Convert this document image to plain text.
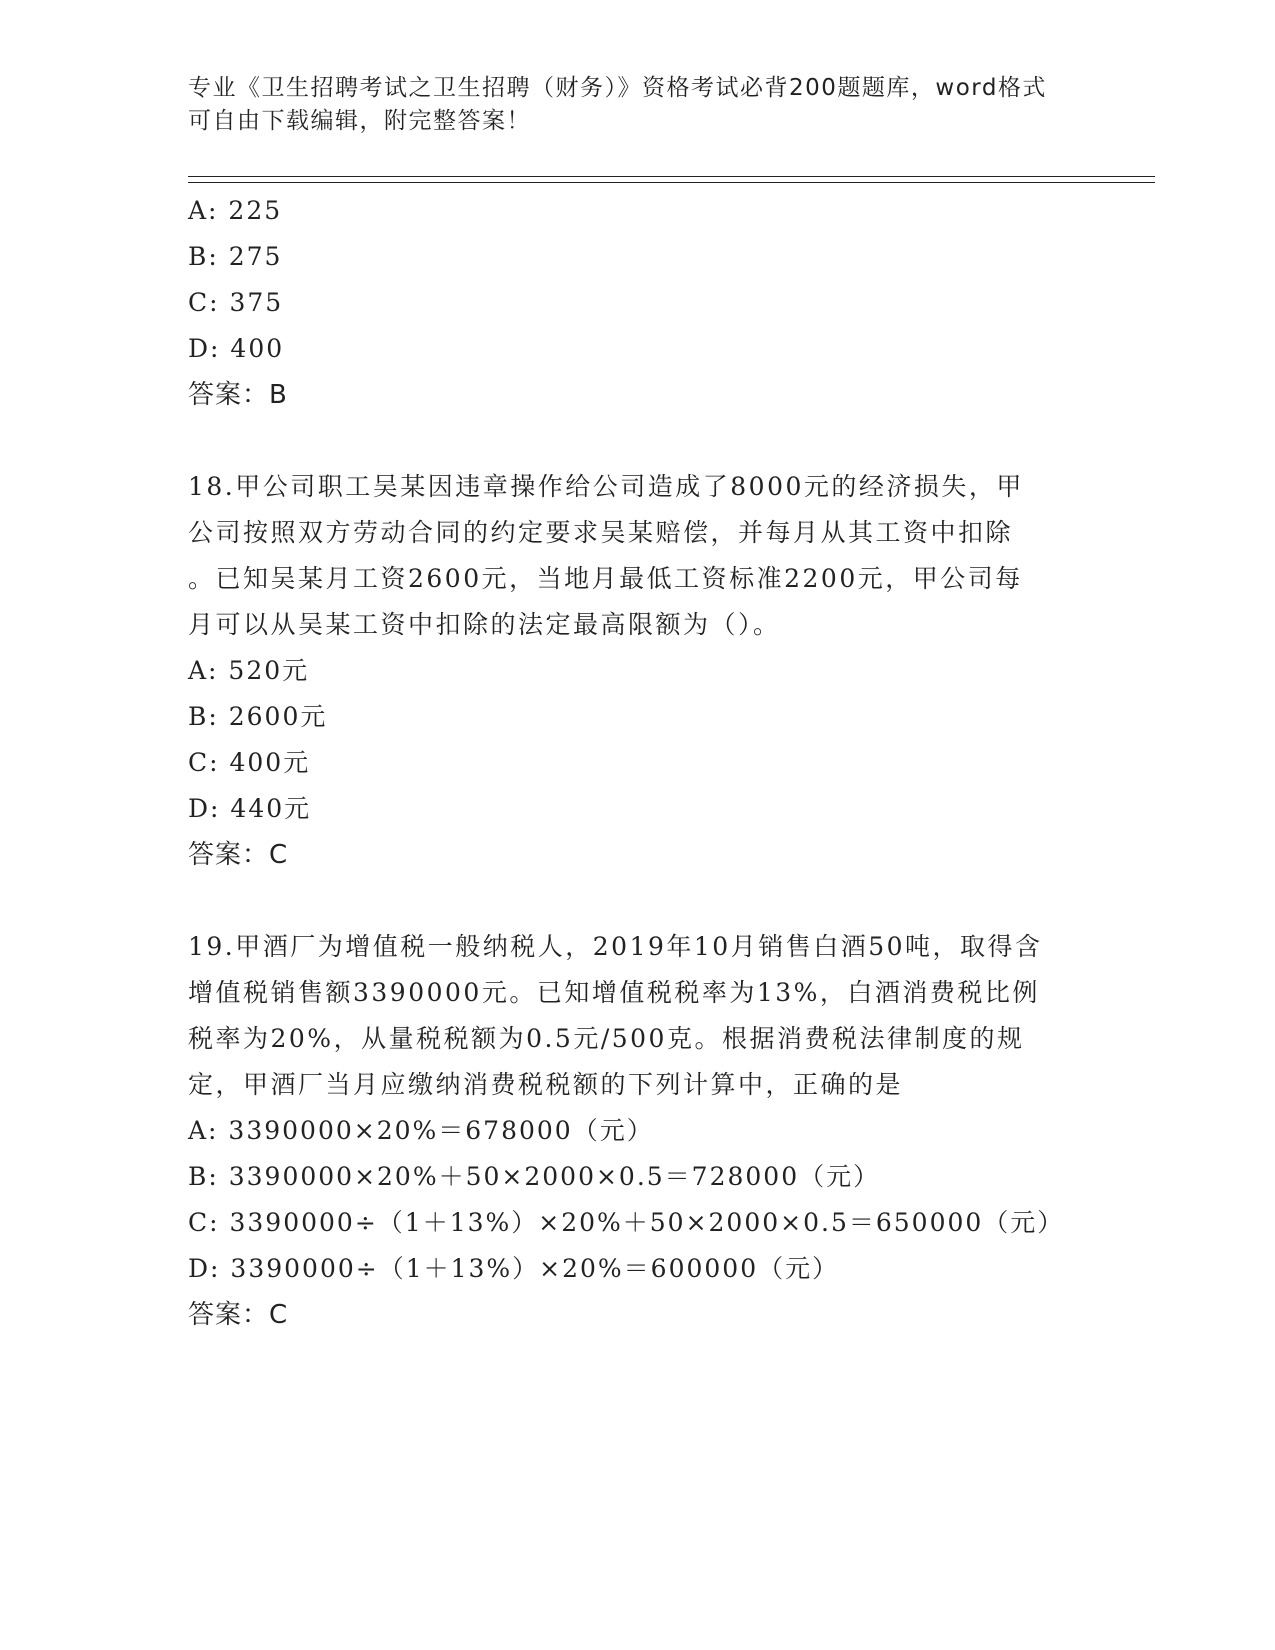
专业《卫生招聘考试之卫生招聘（财务）》资格考试必背200题题库，word格式
可自由下载编辑，附完整答案！
A: 225
B: 275
C: 375
D: 400
答案：B
18.甲公司职工吴某因违章操作给公司造成了8000元的经济损失，甲
公司按照双方劳动合同的约定要求吴某赔偿，并每月从其工资中扣除
。已知吴某月工资2600元，当地月最低工资标准2200元，甲公司每
月可以从吴某工资中扣除的法定最高限额为（）。
A: 520元
B: 2600元
C: 400元
D: 440元
答案：C
19.甲酒厂为增值税一般纳税人，2019年10月销售白酒50吨，取得含
增值税销售额3390000元。已知增值税税率为13%，白酒消费税比例
税率为20%，从量税税额为0.5元/500克。根据消费税法律制度的规
定，甲酒厂当月应缴纳消费税税额的下列计算中，正确的是
A: 3390000×20%＝678000（元）
B: 3390000×20%＋50×2000×0.5＝728000（元）
C: 3390000÷（1＋13%）×20%＋50×2000×0.5＝650000（元）
D: 3390000÷（1＋13%）×20%＝600000（元）
答案：C
